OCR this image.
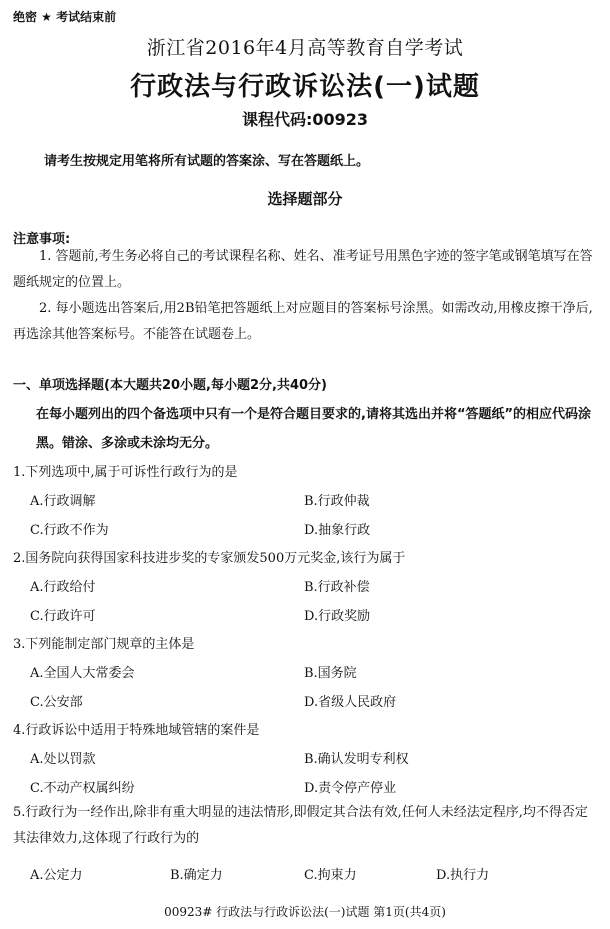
绝密 ★ 考试结束前
浙江省2016年4月高等教育自学考试
行政法与行政诉讼法(一)试题
课程代码:00923
请考生按规定用笔将所有试题的答案涂、写在答题纸上。
选择题部分
注意事项:
1. 答题前,考生务必将自己的考试课程名称、姓名、准考证号用黑色字迹的签字笔或钢笔填写在答题纸规定的位置上。
2. 每小题选出答案后,用2B铅笔把答题纸上对应题目的答案标号涂黑。如需改动,用橡皮擦干净后,再选涂其他答案标号。不能答在试题卷上。
一、单项选择题(本大题共20小题,每小题2分,共40分)
在每小题列出的四个备选项中只有一个是符合题目要求的,请将其选出并将“答题纸”的相应代码涂黑。错涂、多涂或未涂均无分。
1.下列选项中,属于可诉性行政行为的是
A.行政调解	B.行政仲裁
C.行政不作为	D.抽象行政
2.国务院向获得国家科技进步奖的专家颁发500万元奖金,该行为属于
A.行政给付	B.行政补偿
C.行政许可	D.行政奖励
3.下列能制定部门规章的主体是
A.全国人大常委会	B.国务院
C.公安部	D.省级人民政府
4.行政诉讼中适用于特殊地域管辖的案件是
A.处以罚款	B.确认发明专利权
C.不动产权属纠纷	D.责令停产停业
5.行政行为一经作出,除非有重大明显的违法情形,即假定其合法有效,任何人未经法定程序,均不得否定其法律效力,这体现了行政行为的
A.公定力	B.确定力	C.拘束力	D.执行力
00923# 行政法与行政诉讼法(一)试题 第1页(共4页)
